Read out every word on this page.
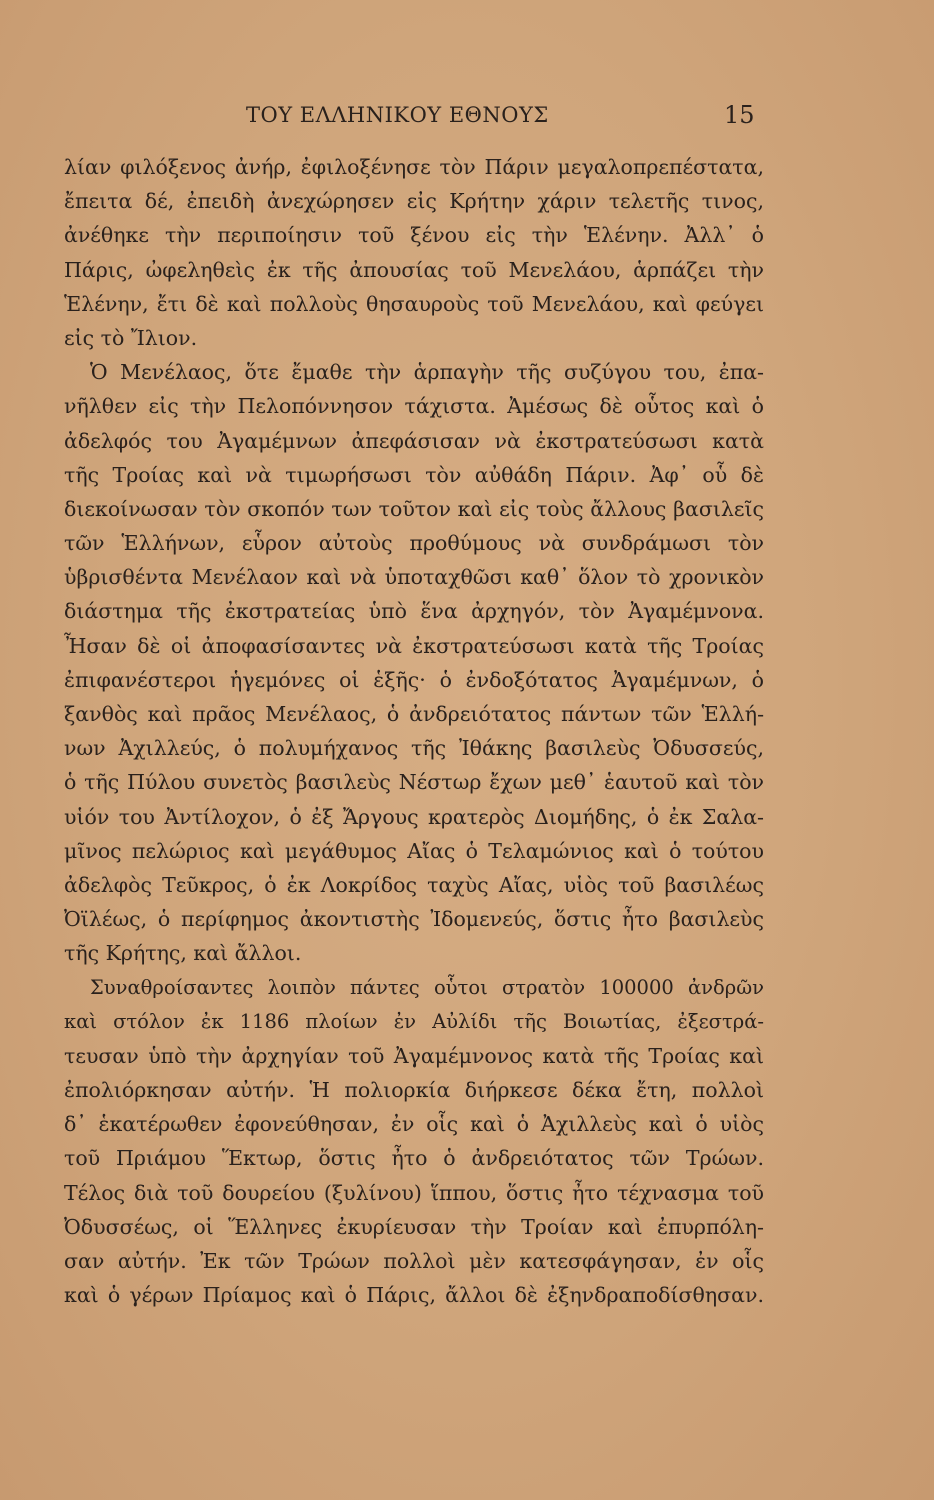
ΤΟΥ ΕΛΛΗΝΙΚΟΥ ΕΘΝΟΥΣ	15
λίαν φιλόξενος ἀνήρ, ἐφιλοξένησε τὸν Πάριν μεγαλοπρεπέστατα,
ἔπειτα δέ, ἐπειδὴ ἀνεχώρησεν εἰς Κρήτην χάριν τελετῆς τινος,
ἀνέθηκε τὴν περιποίησιν τοῦ ξένου εἰς τὴν Ἑλένην. Ἀλλ᾿ ὁ
Πάρις, ὠφεληθεὶς ἐκ τῆς ἀπουσίας τοῦ Μενελάου, ἁρπάζει τὴν
Ἑλένην, ἔτι δὲ καὶ πολλοὺς θησαυροὺς τοῦ Μενελάου, καὶ φεύγει
εἰς τὸ Ἴλιον.
Ὁ Μενέλαος, ὅτε ἔμαθε τὴν ἁρπαγὴν τῆς συζύγου του, ἐπα-
νῆλθεν εἰς τὴν Πελοπόννησον τάχιστα. Ἀμέσως δὲ οὗτος καὶ ὁ
ἀδελφός του Ἀγαμέμνων ἀπεφάσισαν νὰ ἐκστρατεύσωσι κατὰ
τῆς Τροίας καὶ νὰ τιμωρήσωσι τὸν αὐθάδη Πάριν. Ἀφ᾿ οὗ δὲ
διεκοίνωσαν τὸν σκοπόν των τοῦτον καὶ εἰς τοὺς ἄλλους βασιλεῖς
τῶν Ἑλλήνων, εὗρον αὐτοὺς προθύμους νὰ συνδράμωσι τὸν
ὑβρισθέντα Μενέλαον καὶ νὰ ὑποταχθῶσι καθ᾿ ὅλον τὸ χρονικὸν
διάστημα τῆς ἐκστρατείας ὑπὸ ἕνα ἀρχηγόν, τὸν Ἀγαμέμνονα.
Ἦσαν δὲ οἱ ἀποφασίσαντες νὰ ἐκστρατεύσωσι κατὰ τῆς Τροίας
ἐπιφανέστεροι ἡγεμόνες οἱ ἑξῆς· ὁ ἐνδοξότατος Ἀγαμέμνων, ὁ
ξανθὸς καὶ πρᾶος Μενέλαος, ὁ ἀνδρειότατος πάντων τῶν Ἑλλή-
νων Ἀχιλλεύς, ὁ πολυμήχανος τῆς Ἰθάκης βασιλεὺς Ὀδυσσεύς,
ὁ τῆς Πύλου συνετὸς βασιλεὺς Νέστωρ ἔχων μεθ᾿ ἑαυτοῦ καὶ τὸν
υἱόν του Ἀντίλοχον, ὁ ἐξ Ἄργους κρατερὸς Διομήδης, ὁ ἐκ Σαλα-
μῖνος πελώριος καὶ μεγάθυμος Αἴας ὁ Τελαμώνιος καὶ ὁ τούτου
ἀδελφὸς Τεῦκρος, ὁ ἐκ Λοκρίδος ταχὺς Αἴας, υἱὸς τοῦ βασιλέως
Ὀϊλέως, ὁ περίφημος ἀκοντιστὴς Ἰδομενεύς, ὅστις ἦτο βασιλεὺς
τῆς Κρήτης, καὶ ἄλλοι.
Συναθροίσαντες λοιπὸν πάντες οὗτοι στρατὸν 100000 ἀνδρῶν
καὶ στόλον ἐκ 1186 πλοίων ἐν Αὐλίδι τῆς Βοιωτίας, ἐξεστρά-
τευσαν ὑπὸ τὴν ἀρχηγίαν τοῦ Ἀγαμέμνονος κατὰ τῆς Τροίας καὶ
ἐπολιόρκησαν αὐτήν. Ἡ πολιορκία διήρκεσε δέκα ἔτη, πολλοὶ
δ᾿ ἑκατέρωθεν ἐφονεύθησαν, ἐν οἷς καὶ ὁ Ἀχιλλεὺς καὶ ὁ υἱὸς
τοῦ Πριάμου Ἕκτωρ, ὅστις ἦτο ὁ ἀνδρειότατος τῶν Τρώων.
Τέλος διὰ τοῦ δουρείου (ξυλίνου) ἵππου, ὅστις ἦτο τέχνασμα τοῦ
Ὀδυσσέως, οἱ Ἕλληνες ἐκυρίευσαν τὴν Τροίαν καὶ ἐπυρπόλη-
σαν αὐτήν. Ἐκ τῶν Τρώων πολλοὶ μὲν κατεσφάγησαν, ἐν οἷς
καὶ ὁ γέρων Πρίαμος καὶ ὁ Πάρις, ἄλλοι δὲ ἐξηνδραποδίσθησαν.
